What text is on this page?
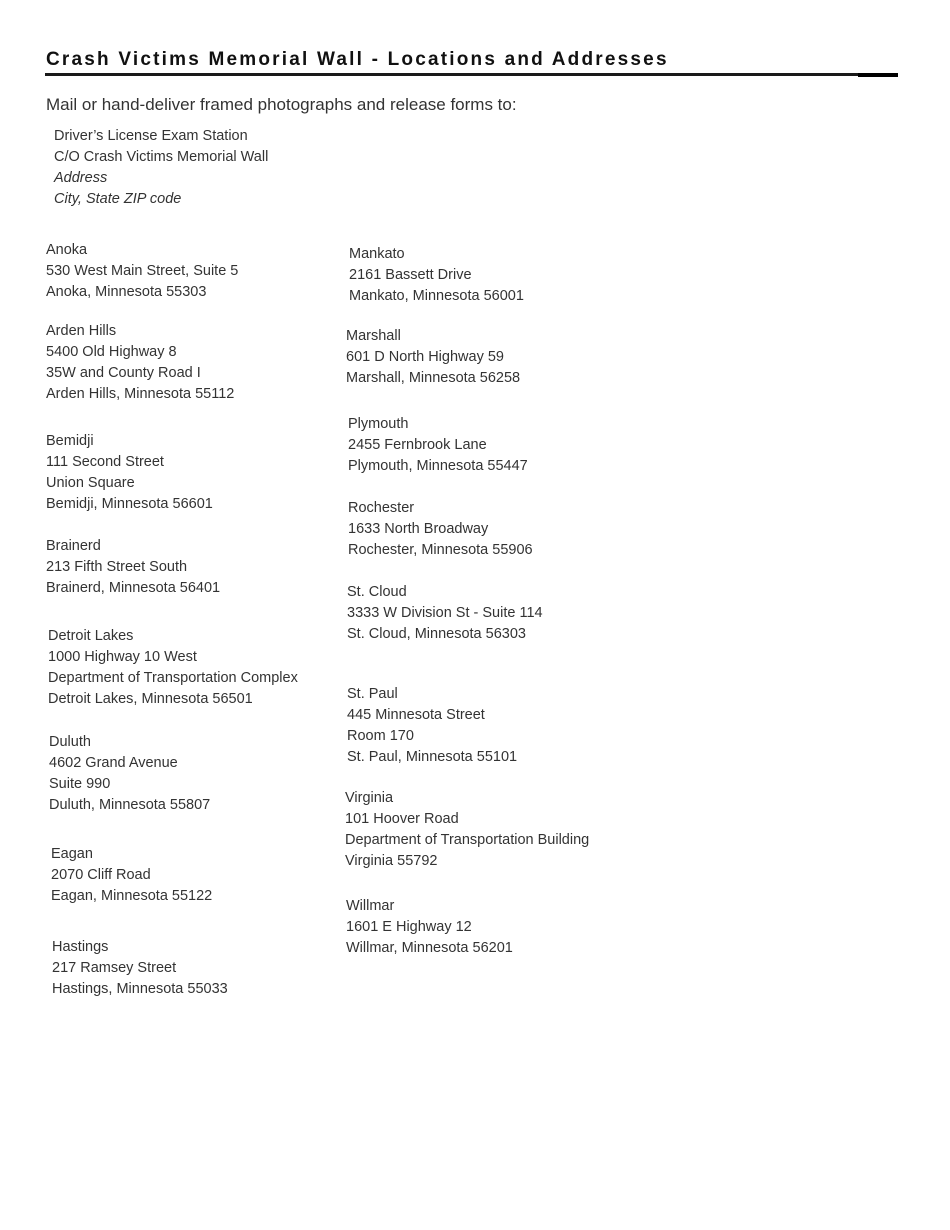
Crash Victims Memorial Wall - Locations and Addresses
Mail or hand-deliver framed photographs and release forms to:
Driver’s License Exam Station
C/O Crash Victims Memorial Wall
Address
City, State ZIP code
Anoka
530 West Main Street, Suite 5
Anoka, Minnesota 55303
Arden Hills
5400 Old Highway 8
35W and County Road I
Arden Hills, Minnesota 55112
Bemidji
111 Second Street
Union Square
Bemidji, Minnesota 56601
Brainerd
213 Fifth Street South
Brainerd, Minnesota 56401
Detroit Lakes
1000 Highway 10 West
Department of Transportation Complex
Detroit Lakes, Minnesota 56501
Duluth
4602 Grand Avenue
Suite 990
Duluth, Minnesota 55807
Eagan
2070 Cliff Road
Eagan, Minnesota 55122
Hastings
217 Ramsey Street
Hastings, Minnesota 55033
Mankato
2161 Bassett Drive
Mankato, Minnesota 56001
Marshall
601 D North Highway 59
Marshall, Minnesota 56258
Plymouth
2455 Fernbrook Lane
Plymouth, Minnesota 55447
Rochester
1633 North Broadway
Rochester, Minnesota 55906
St. Cloud
3333 W Division St - Suite 114
St. Cloud, Minnesota 56303
St. Paul
445 Minnesota Street
Room 170
St. Paul, Minnesota 55101
Virginia
101 Hoover Road
Department of Transportation Building
Virginia 55792
Willmar
1601 E Highway 12
Willmar, Minnesota 56201
